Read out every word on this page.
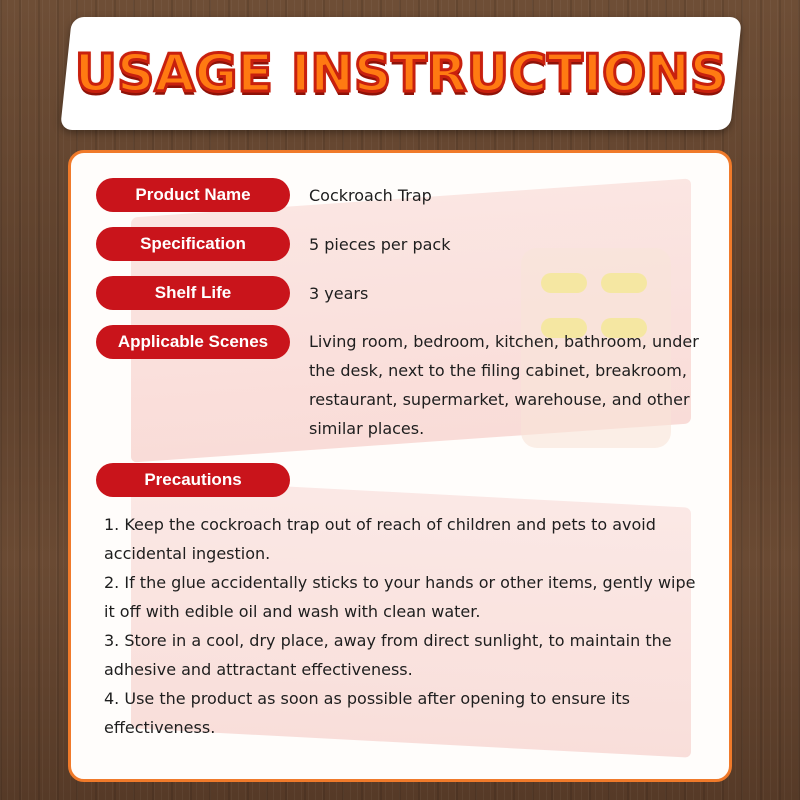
USAGE INSTRUCTIONS
Product Name	Cockroach Trap
Specification	5 pieces per pack
Shelf Life	3 years
Applicable Scenes	Living room, bedroom, kitchen, bathroom, under the desk, next to the filing cabinet, breakroom, restaurant, supermarket, warehouse, and other similar places.
Precautions

1. Keep the cockroach trap out of reach of children and pets to avoid accidental ingestion.

2. If the glue accidentally sticks to your hands or other items, gently wipe it off with edible oil and wash with clean water.

3. Store in a cool, dry place, away from direct sunlight, to maintain the adhesive and attractant effectiveness.

4. Use the product as soon as possible after opening to ensure its effectiveness.
